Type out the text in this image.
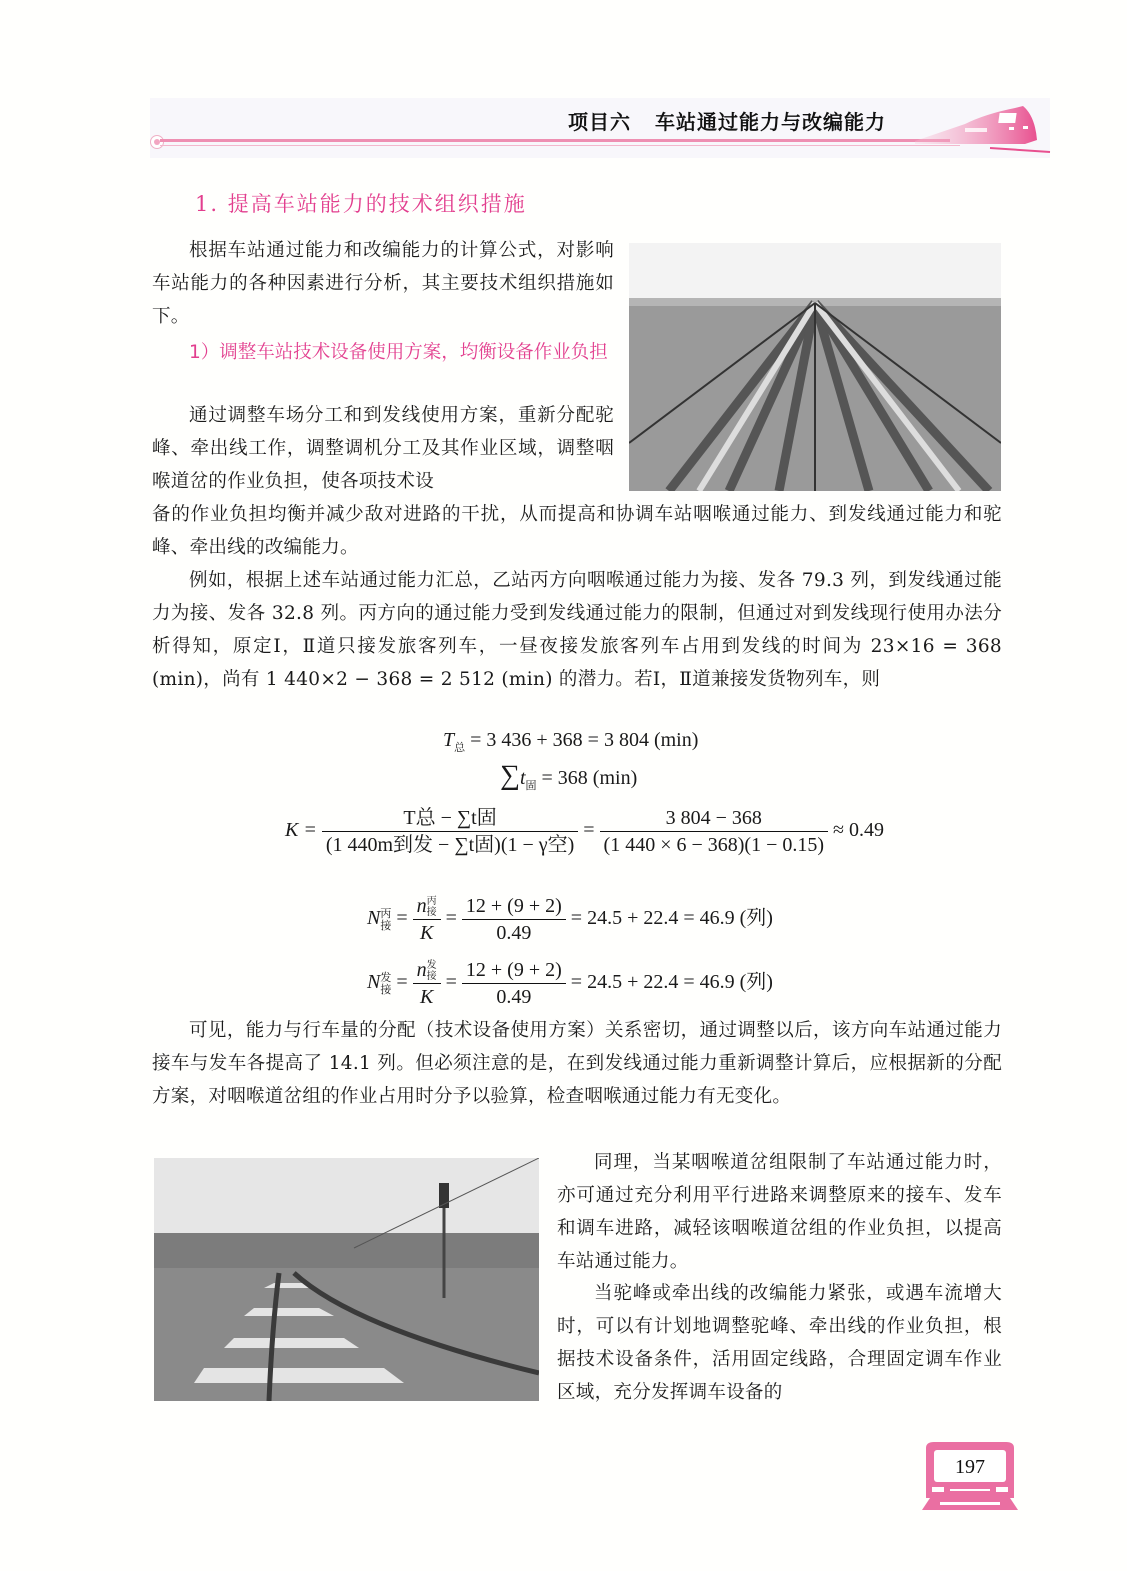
项目六 车站通过能力与改编能力
1. 提高车站能力的技术组织措施
根据车站通过能力和改编能力的计算公式，对影响车站能力的各种因素进行分析，其主要技术组织措施如下。
1）调整车站技术设备使用方案，均衡设备作业负担
通过调整车场分工和到发线使用方案，重新分配驼峰、牵出线工作，调整调机分工及其作业区域，调整咽喉道岔的作业负担，使各项技术设
备的作业负担均衡并减少敌对进路的干扰，从而提高和协调车站咽喉通过能力、到发线通过能力和驼峰、牵出线的改编能力。
例如，根据上述车站通过能力汇总，乙站丙方向咽喉通过能力为接、发各 79.3 列，到发线通过能力为接、发各 32.8 列。丙方向的通过能力受到发线通过能力的限制，但通过对到发线现行使用办法分析得知，原定Ⅰ，Ⅱ道只接发旅客列车，一昼夜接发旅客列车占用到发线的时间为 23×16 = 368 (min)，尚有 1 440×2 − 368 = 2 512 (min) 的潜力。若Ⅰ，Ⅱ道兼接发货物列车，则
$T_总 = 3$ 436 + 368 = 3 804 (min)
$\sum t_固 = 368$ (min)
$K = \frac{\text{T总 − ∑t固}}{\text{(1 440m到发 − ∑t固)(1 − γ空)}} = \frac{3 804 - 368}{(1 440 \times 6 - 368)(1 - 0.15)} \approx 0.49$
N 丙
接 = n 丙
接
$K = \frac{12 + (9 + 2)}{0.49} = 24.5 + 22.4 = 46.9$ (列)
N 发
接 = n 发
接
$K = \frac{12 + (9 + 2)}{0.49} = 24.5 + 22.4 = 46.9$ (列)
可见，能力与行车量的分配（技术设备使用方案）关系密切，通过调整以后，该方向车站通过能力接车与发车各提高了 14.1 列。但必须注意的是，在到发线通过能力重新调整计算后，应根据新的分配方案，对咽喉道岔组的作业占用时分予以验算，检查咽喉通过能力有无变化。
同理，当某咽喉道岔组限制了车站通过能力时，亦可通过充分利用平行进路来调整原来的接车、发车和调车进路，减轻该咽喉道岔组的作业负担，以提高车站通过能力。
当驼峰或牵出线的改编能力紧张，或遇车流增大时，可以有计划地调整驼峰、牵出线的作业负担，根据技术设备条件，活用固定线路，合理固定调车作业区域，充分发挥调车设备的
197
